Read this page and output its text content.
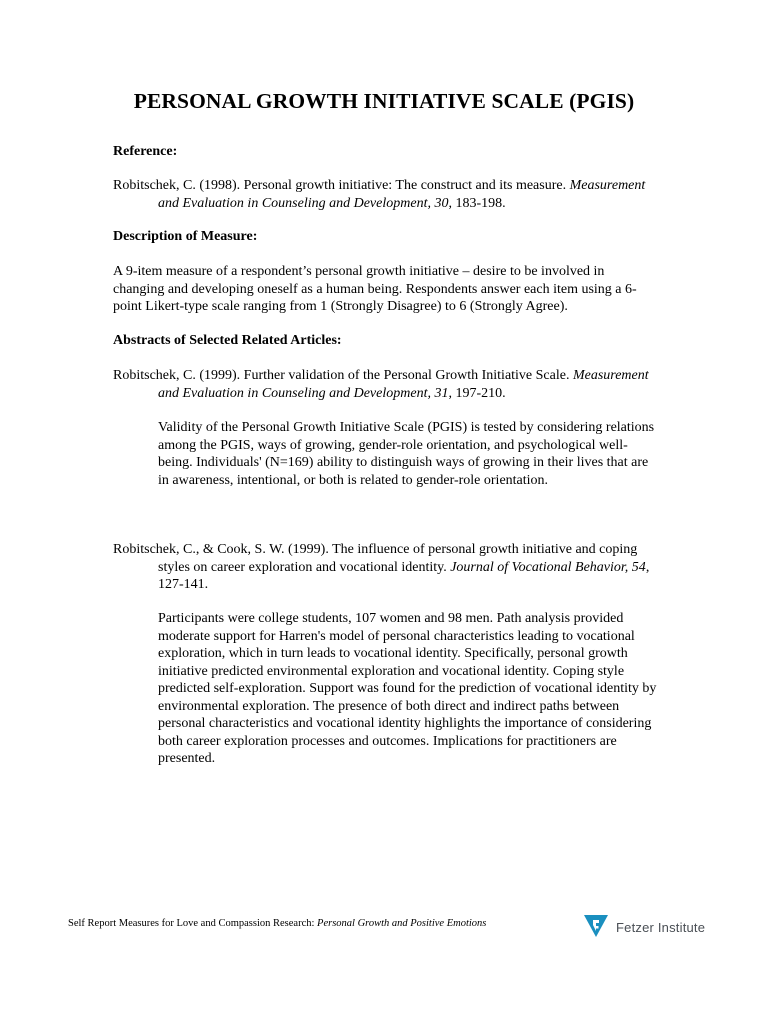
PERSONAL GROWTH INITIATIVE SCALE (PGIS)

Reference:

Robitschek, C. (1998). Personal growth initiative: The construct and its measure. Measurement and Evaluation in Counseling and Development, 30, 183-198.

Description of Measure:

A 9-item measure of a respondent’s personal growth initiative – desire to be involved in changing and developing oneself as a human being. Respondents answer each item using a 6-point Likert-type scale ranging from 1 (Strongly Disagree) to 6 (Strongly Agree).

Abstracts of Selected Related Articles:

Robitschek, C. (1999). Further validation of the Personal Growth Initiative Scale. Measurement and Evaluation in Counseling and Development, 31, 197-210.

Validity of the Personal Growth Initiative Scale (PGIS) is tested by considering relations among the PGIS, ways of growing, gender-role orientation, and psychological well-being. Individuals' (N=169) ability to distinguish ways of growing in their lives that are in awareness, intentional, or both is related to gender-role orientation.

Robitschek, C., & Cook, S. W. (1999). The influence of personal growth initiative and coping styles on career exploration and vocational identity. Journal of Vocational Behavior, 54, 127-141.

Participants were college students, 107 women and 98 men. Path analysis provided moderate support for Harren's model of personal characteristics leading to vocational exploration, which in turn leads to vocational identity. Specifically, personal growth initiative predicted environmental exploration and vocational identity. Coping style predicted self-exploration. Support was found for the prediction of vocational identity by environmental exploration. The presence of both direct and indirect paths between personal characteristics and vocational identity highlights the importance of considering both career exploration processes and outcomes. Implications for practitioners are presented.

Self Report Measures for Love and Compassion Research: Personal Growth and Positive Emotions	Fetzer Institute
